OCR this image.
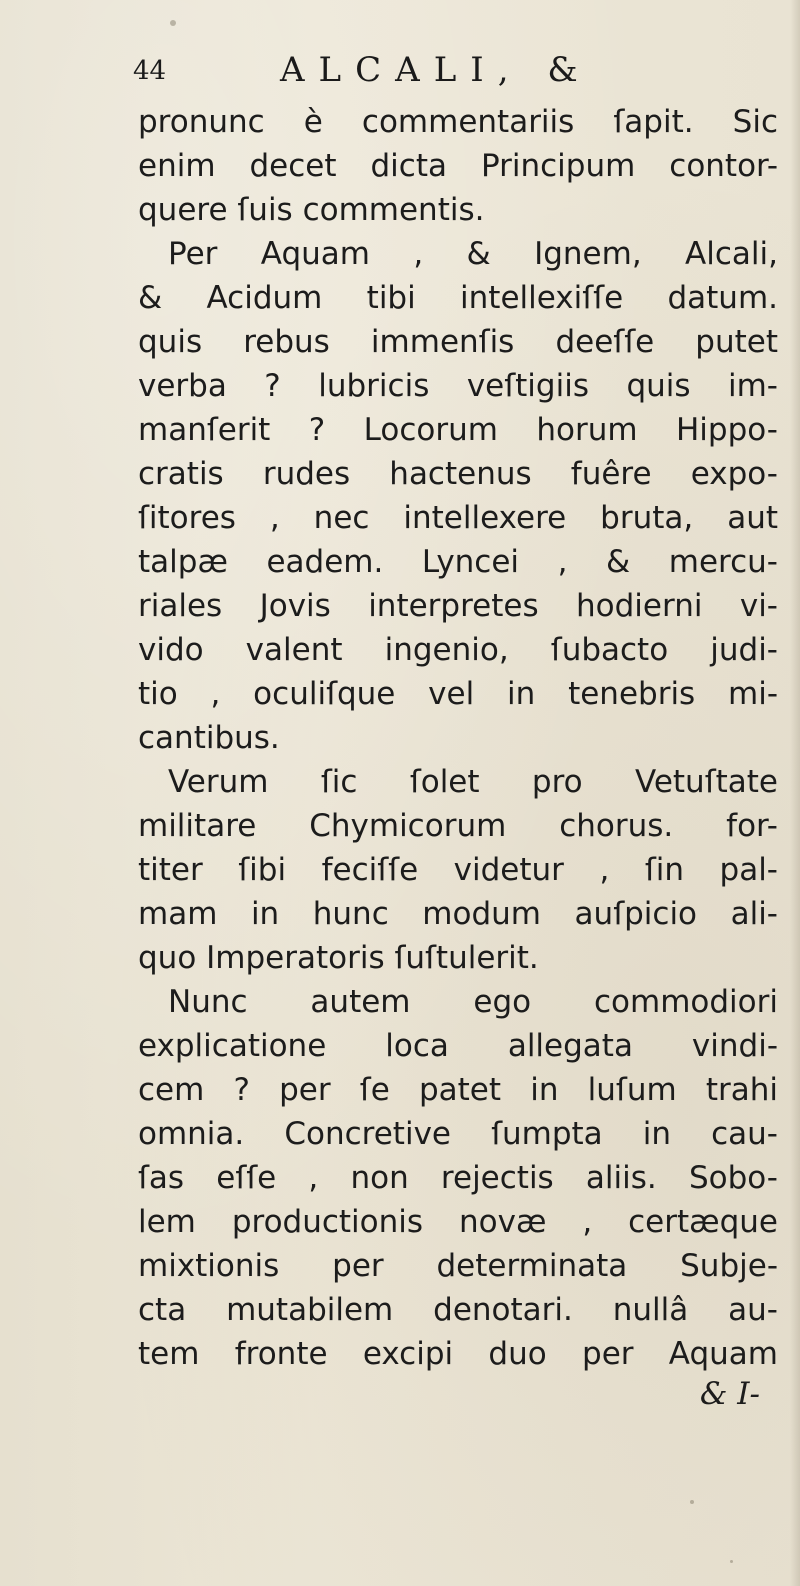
44	ALCALI, &
pronunc è commentariis ſapit. Sic
enim decet dicta Principum contor-
quere ſuis commentis.
Per Aquam , & Ignem, Alcali,
& Acidum tibi intellexiſſe datum.
quis rebus immenſis deeſſe putet
verba ? lubricis veſtigiis quis im-
manſerit ? Locorum horum Hippo-
cratis rudes hactenus fuêre expo-
ſitores , nec intellexere bruta, aut
talpæ eadem. Lyncei , & mercu-
riales Jovis interpretes hodierni vi-
vido valent ingenio, ſubacto judi-
tio , oculiſque vel in tenebris mi-
cantibus.
Verum ſic ſolet pro Vetuſtate
militare Chymicorum chorus. for-
titer ſibi feciſſe videtur , ſin pal-
mam in hunc modum auſpicio ali-
quo Imperatoris ſuſtulerit.
Nunc autem ego commodiori
explicatione loca allegata vindi-
cem ? per ſe patet in luſum trahi
omnia. Concretive ſumpta in cau-
ſas eſſe , non rejectis aliis. Sobo-
lem productionis novæ , certæque
mixtionis per determinata Subje-
cta mutabilem denotari. nullâ au-
tem fronte excipi duo per Aquam
& I-
